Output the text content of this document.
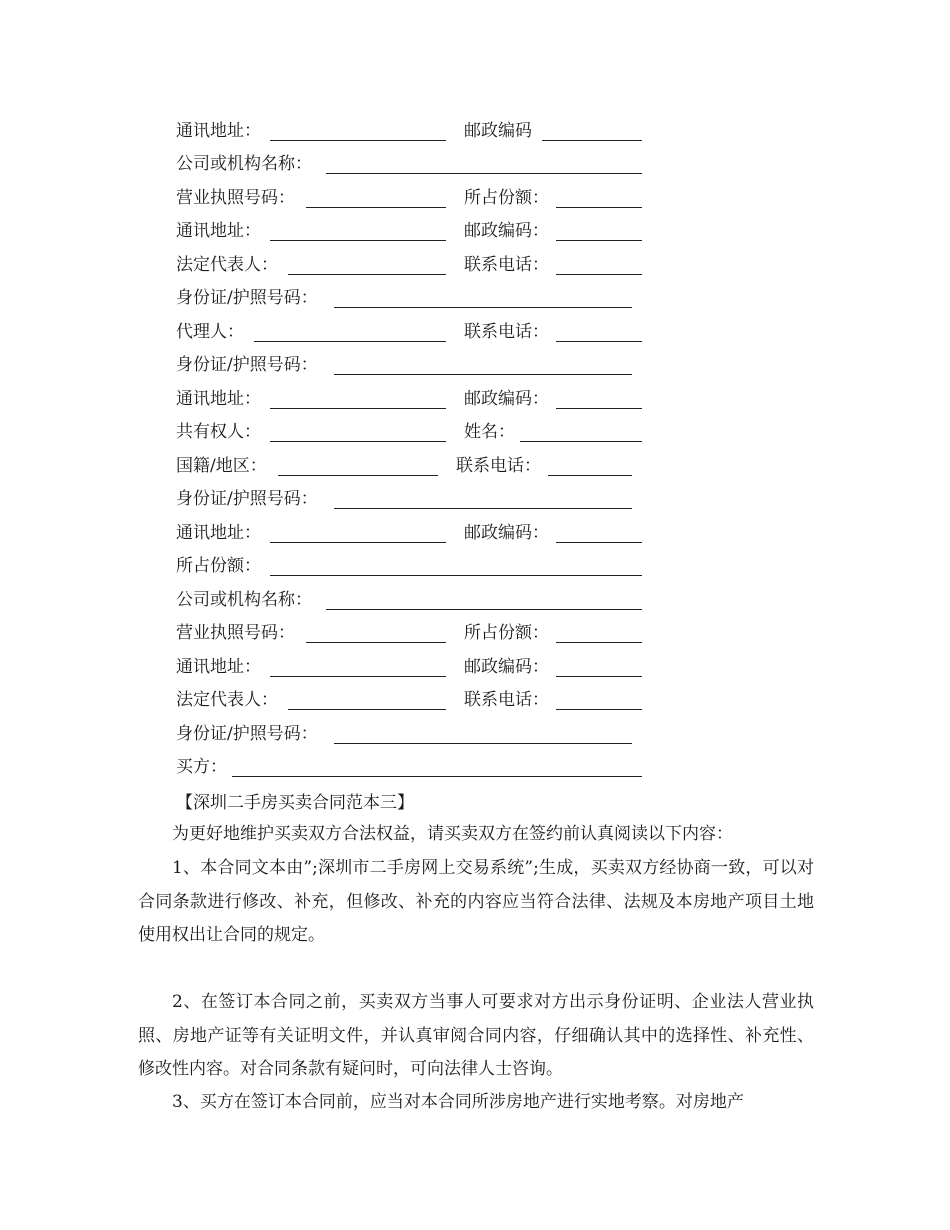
通讯地址：	邮政编码
公司或机构名称：
营业执照号码：	所占份额：
通讯地址：	邮政编码：
法定代表人：	联系电话：
身份证/护照号码：
代理人：	联系电话：
身份证/护照号码：
通讯地址：	邮政编码：
共有权人：	姓名：
国籍/地区：	联系电话：
身份证/护照号码：
通讯地址：	邮政编码：
所占份额：
公司或机构名称：
营业执照号码：	所占份额：
通讯地址：	邮政编码：
法定代表人：	联系电话：
身份证/护照号码：
买方：
【深圳二手房买卖合同范本三】

为更好地维护买卖双方合法权益，请买卖双方在签约前认真阅读以下内容：

1、本合同文本由”;深圳市二手房网上交易系统”;生成，买卖双方经协商一致，可以对合同条款进行修改、补充，但修改、补充的内容应当符合法律、法规及本房地产项目土地使用权出让合同的规定。

2、在签订本合同之前，买卖双方当事人可要求对方出示身份证明、企业法人营业执照、房地产证等有关证明文件，并认真审阅合同内容，仔细确认其中的选择性、补充性、修改性内容。对合同条款有疑问时，可向法律人士咨询。

3、买方在签订本合同前，应当对本合同所涉房地产进行实地考察。对房地产
